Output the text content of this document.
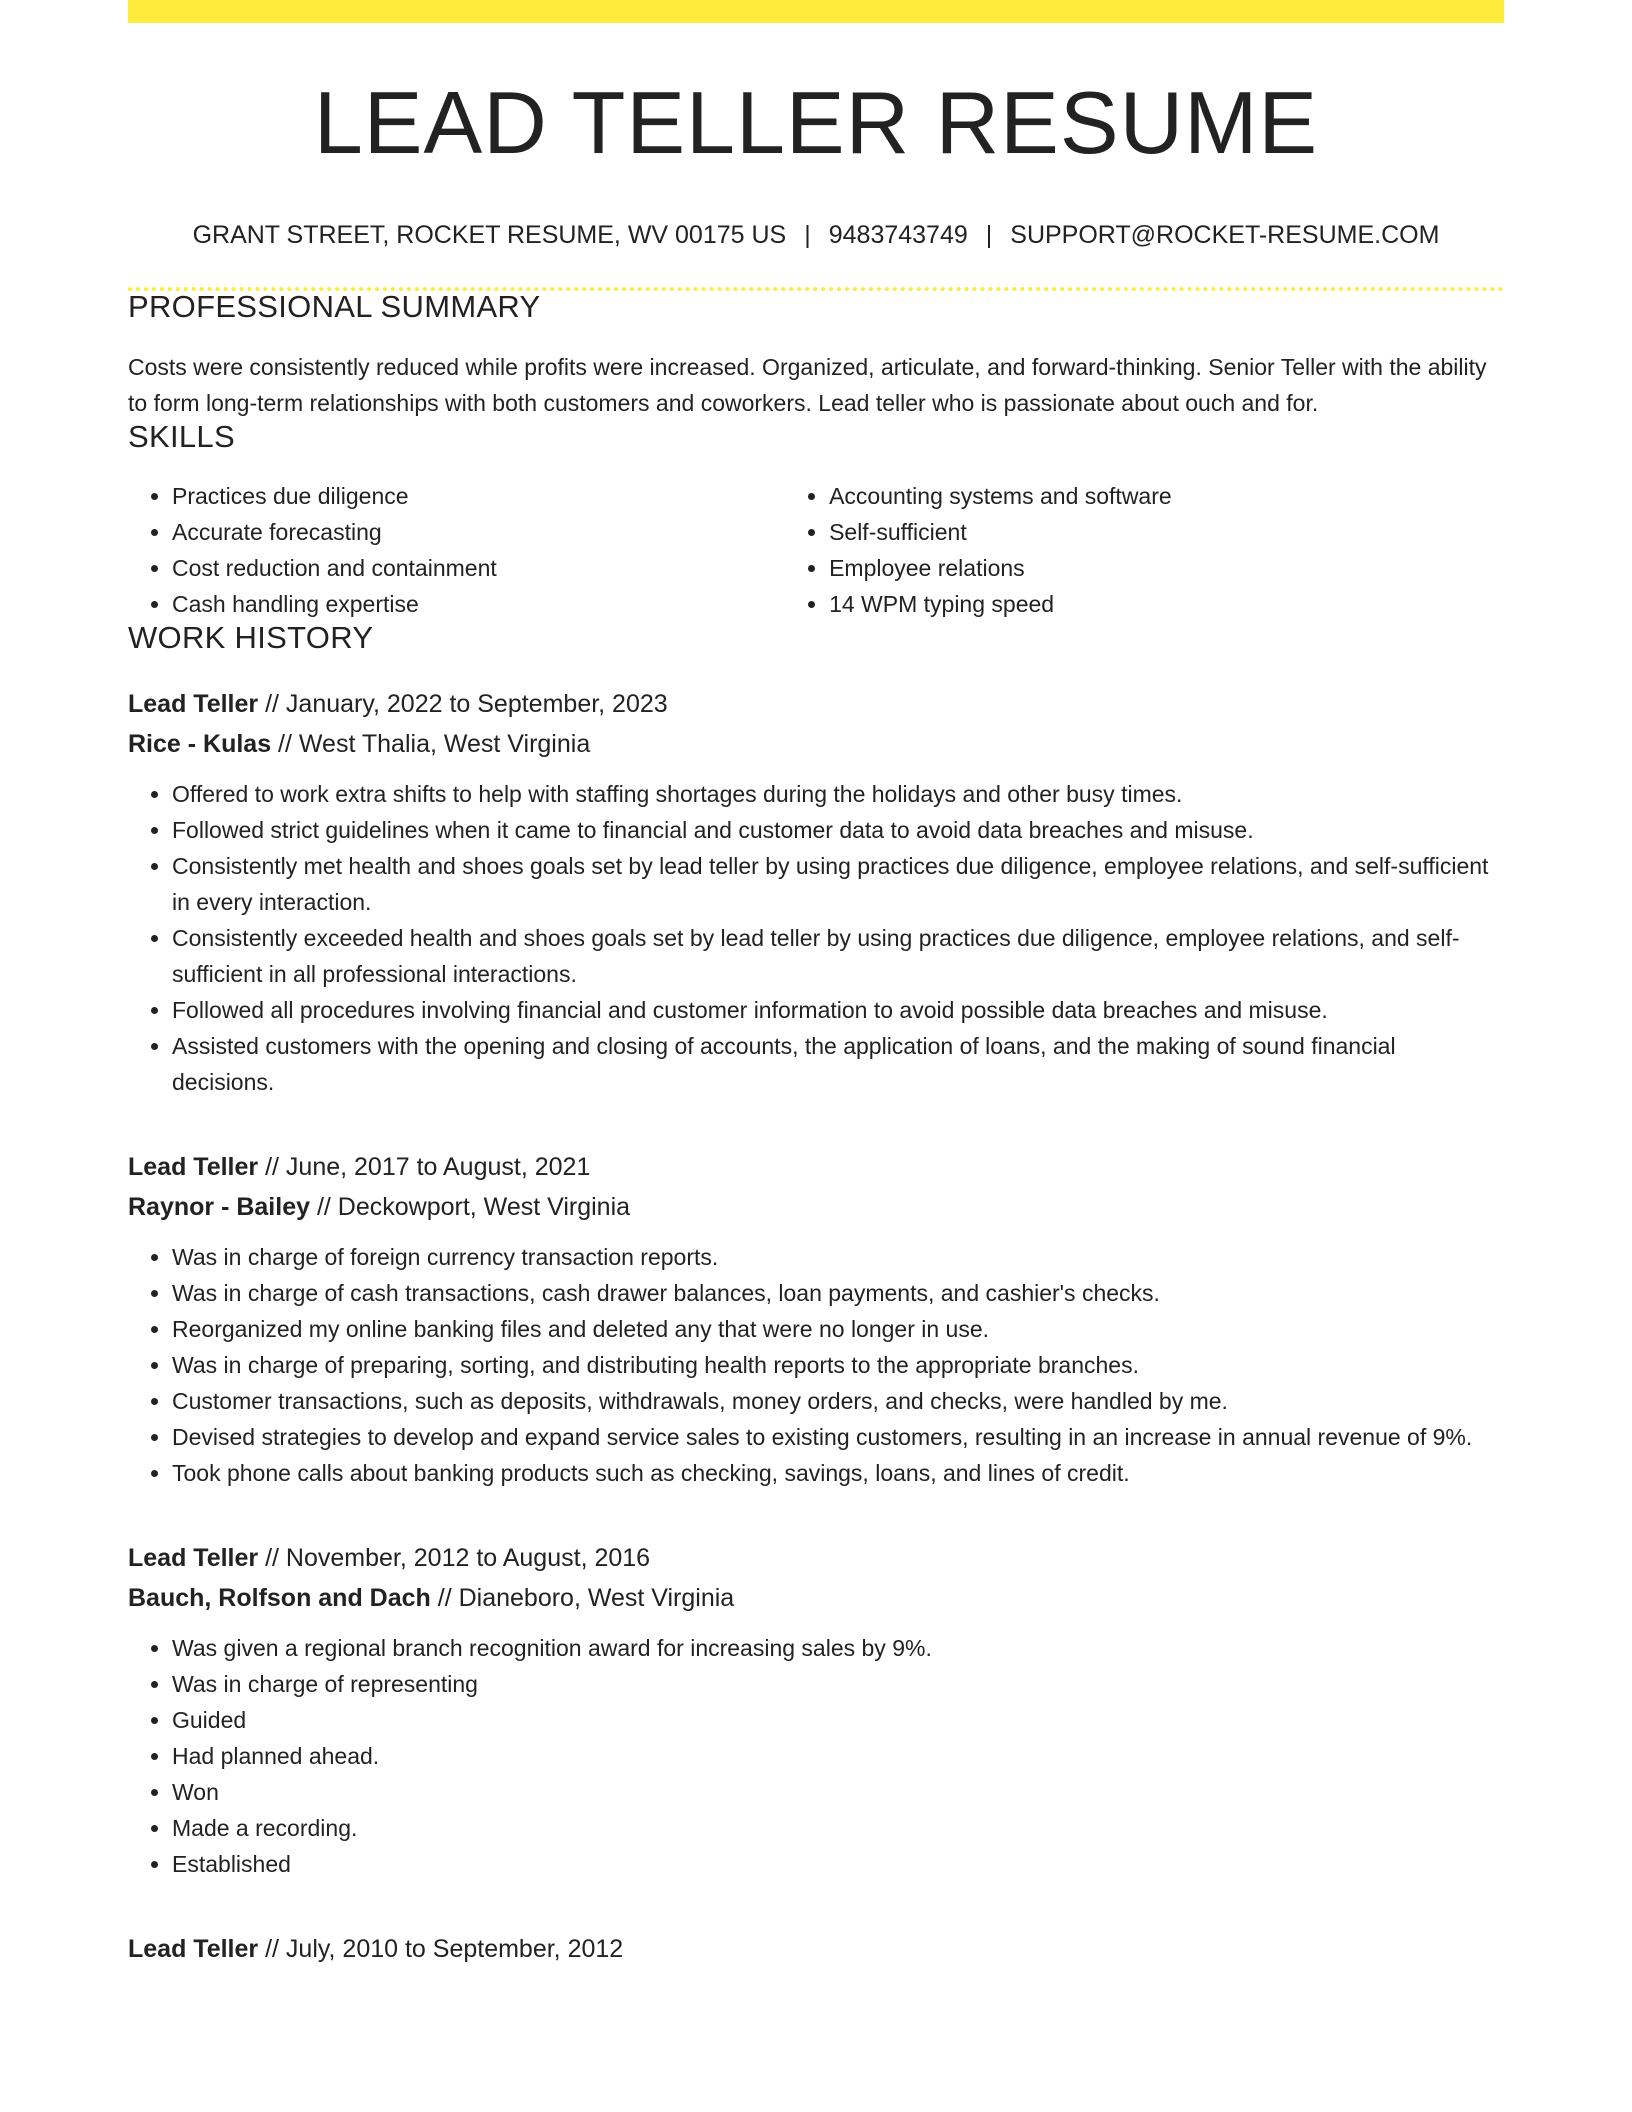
LEAD TELLER RESUME
GRANT STREET, ROCKET RESUME, WV 00175 US | 9483743749 | SUPPORT@ROCKET-RESUME.COM
PROFESSIONAL SUMMARY
Costs were consistently reduced while profits were increased. Organized, articulate, and forward-thinking. Senior Teller with the ability to form long-term relationships with both customers and coworkers. Lead teller who is passionate about ouch and for.
SKILLS
• Practices due diligence
• Accurate forecasting
• Cost reduction and containment
• Cash handling expertise
• Accounting systems and software
• Self-sufficient
• Employee relations
• 14 WPM typing speed
WORK HISTORY
Lead Teller // January, 2022 to September, 2023
Rice - Kulas // West Thalia, West Virginia
• Offered to work extra shifts to help with staffing shortages during the holidays and other busy times.
• Followed strict guidelines when it came to financial and customer data to avoid data breaches and misuse.
• Consistently met health and shoes goals set by lead teller by using practices due diligence, employee relations, and self-sufficient in every interaction.
• Consistently exceeded health and shoes goals set by lead teller by using practices due diligence, employee relations, and self-sufficient in all professional interactions.
• Followed all procedures involving financial and customer information to avoid possible data breaches and misuse.
• Assisted customers with the opening and closing of accounts, the application of loans, and the making of sound financial decisions.
Lead Teller // June, 2017 to August, 2021
Raynor - Bailey // Deckowport, West Virginia
• Was in charge of foreign currency transaction reports.
• Was in charge of cash transactions, cash drawer balances, loan payments, and cashier's checks.
• Reorganized my online banking files and deleted any that were no longer in use.
• Was in charge of preparing, sorting, and distributing health reports to the appropriate branches.
• Customer transactions, such as deposits, withdrawals, money orders, and checks, were handled by me.
• Devised strategies to develop and expand service sales to existing customers, resulting in an increase in annual revenue of 9%.
• Took phone calls about banking products such as checking, savings, loans, and lines of credit.
Lead Teller // November, 2012 to August, 2016
Bauch, Rolfson and Dach // Dianeboro, West Virginia
• Was given a regional branch recognition award for increasing sales by 9%.
• Was in charge of representing
• Guided
• Had planned ahead.
• Won
• Made a recording.
• Established
Lead Teller // July, 2010 to September, 2012
